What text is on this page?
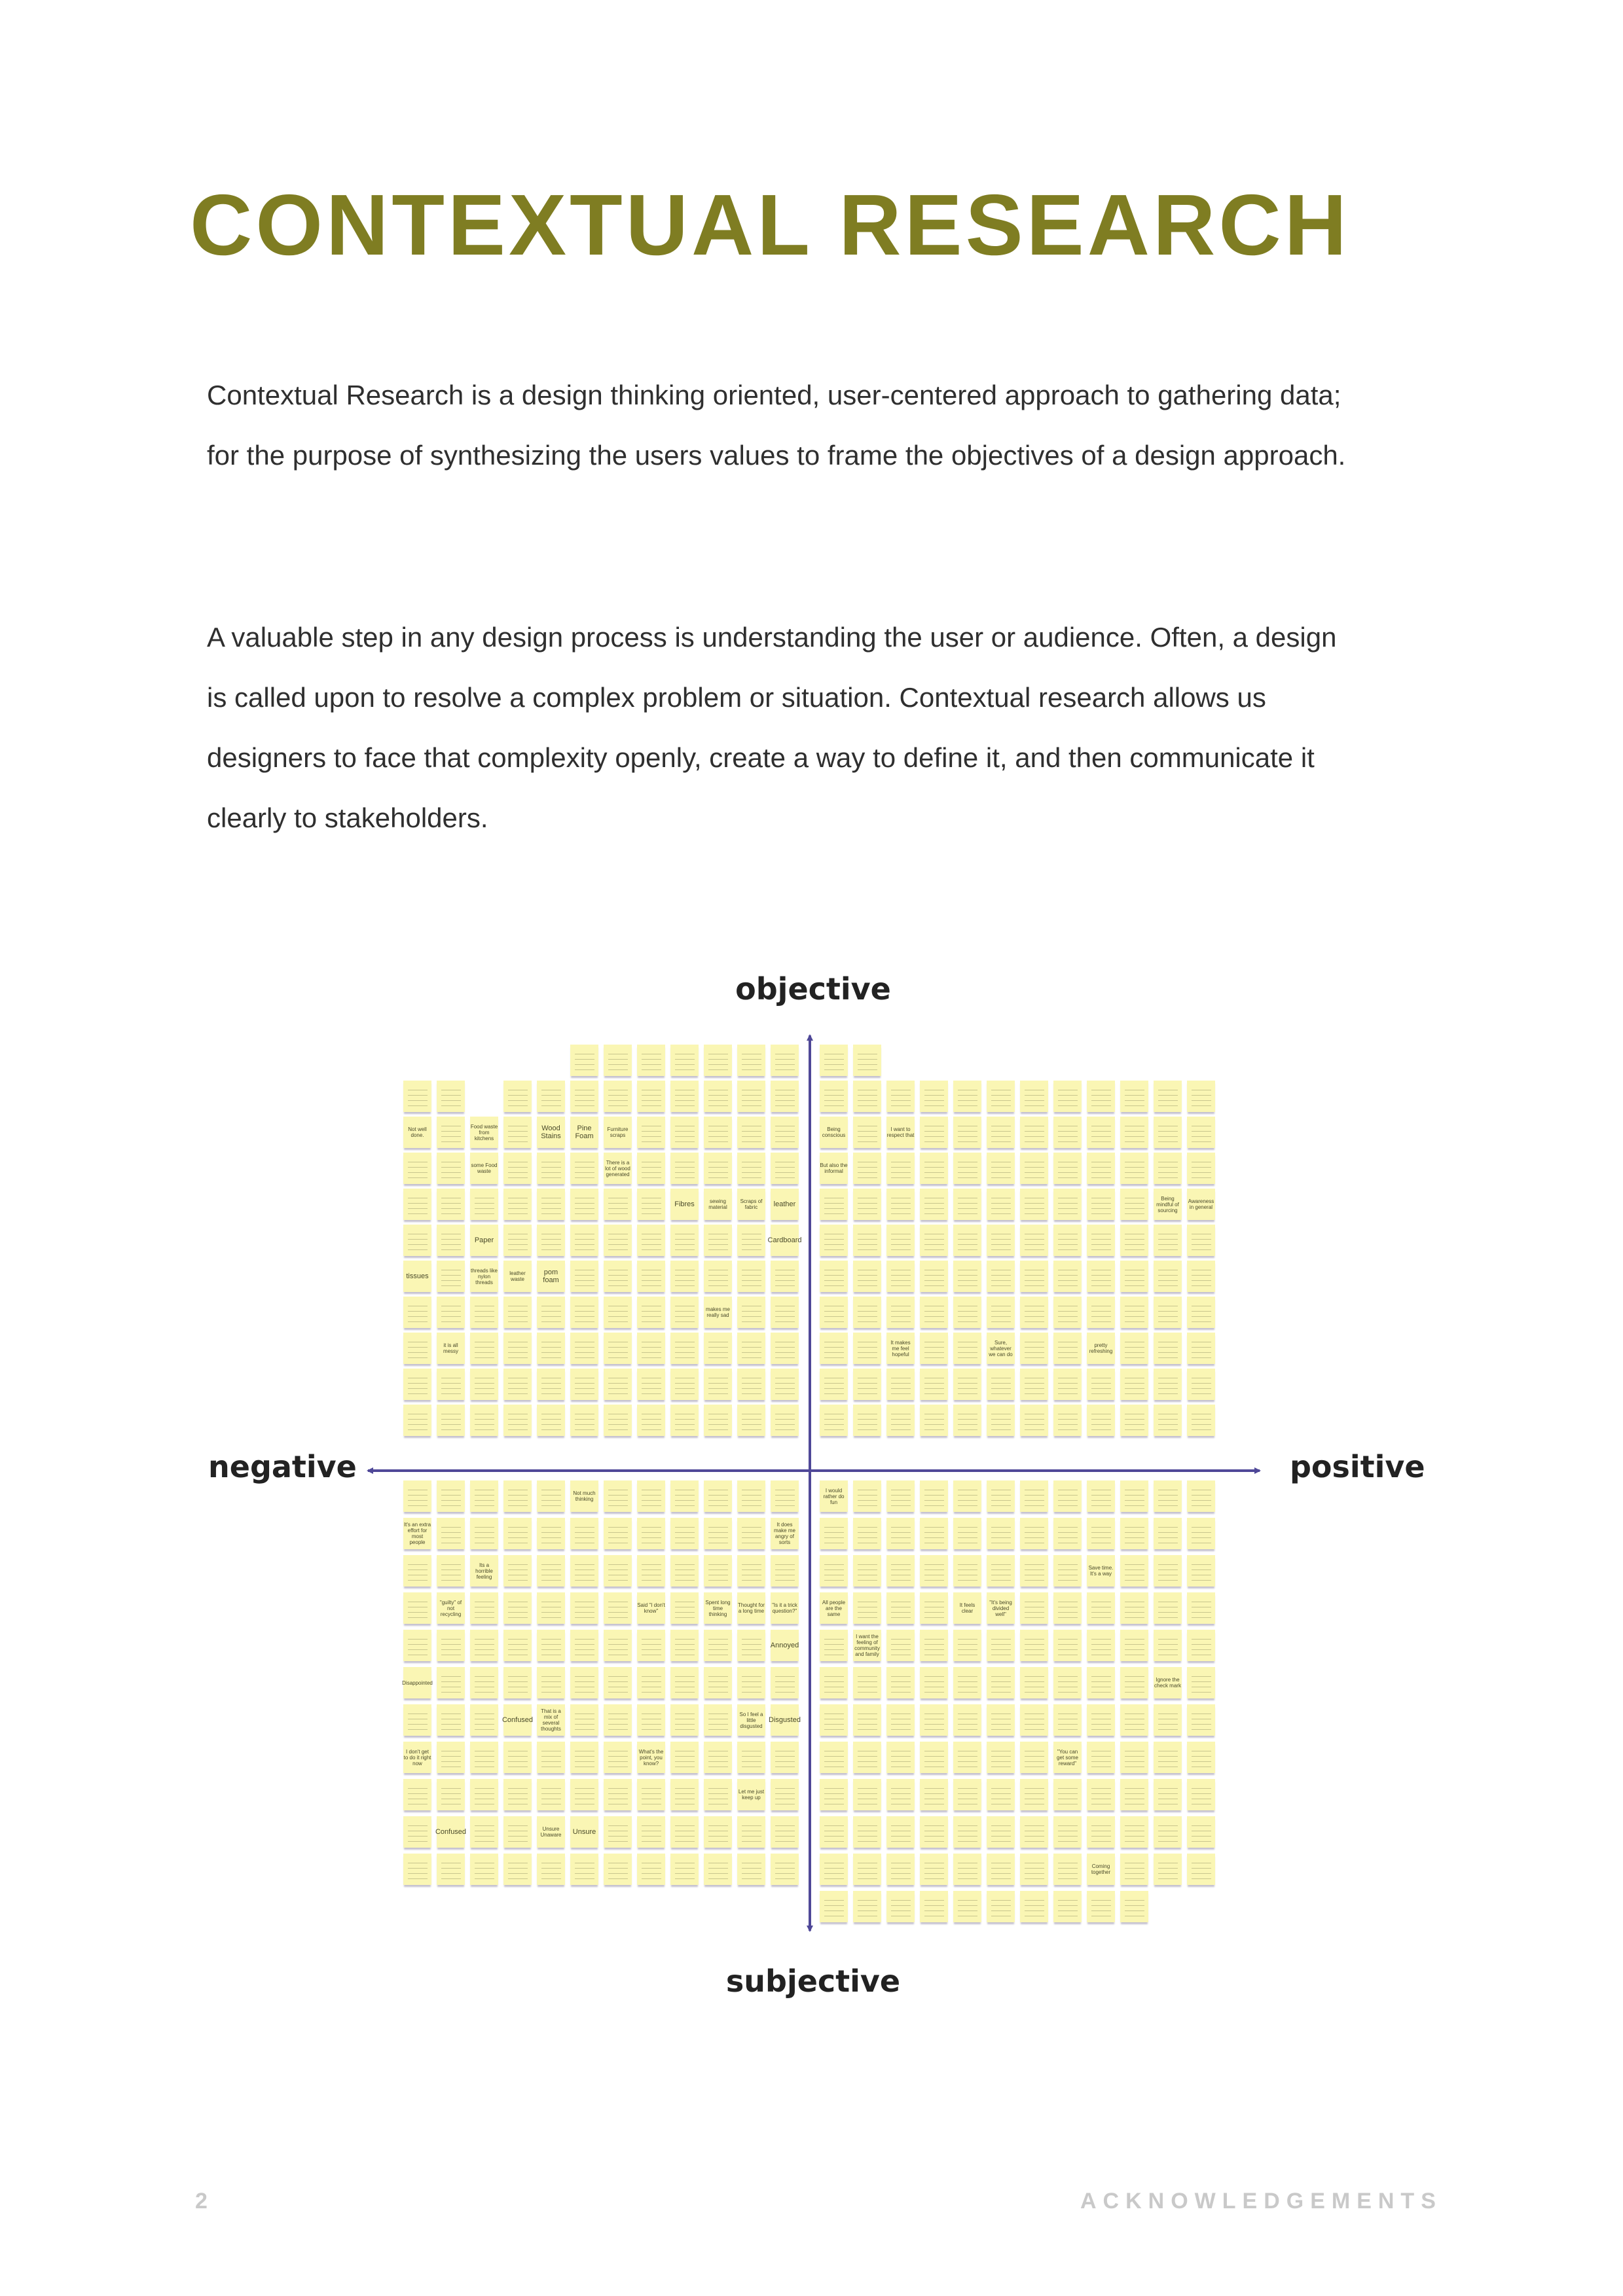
CONTEXTUAL RESEARCH

Contextual Research is a design thinking oriented, user-centered approach to gathering data; for the purpose of synthesizing the users values to frame the objectives of a design approach.

A valuable step in any design process is understanding the user or audience. Often, a design is called upon to resolve a complex problem or situation. Contextual research allows us designers to face that complexity openly, create a way to define it, and then communicate it clearly to stakeholders.

Not well done.
Food waste from kitchens
Wood Stains
Pine Foam
Furniture scraps
some Food waste
There is a lot of wood generated
Fibres	sewing material
Scraps of fabric	leather
Paper	Cardboard
tissues
threads like nylon threads
leather waste
pom foam
makes me really sad
it is all messy
Being conscious
I want to respect that
But also the informal
Being mindful of sourcing
Awareness in general
It makes me feel hopeful
Sure, whatever we can do
pretty refreshing
Not much thinking
It's an extra effort for most people
It does make me angry of sorts
Its a horrible feeling
"guilty" of not recycling
Said "I don't know"
Spent long time thinking
Thought for a long time
"Is it a trick question?"
Annoyed
Disappointed
Confused
That is a mix of several thoughts
So I feel a little disgusted
Disgusted
I don't get to do it right now
What's the point, you know?
Let me just keep up
Confused	Unsure Unaware	Unsure
I would rather do fun
Save time. It's a way
All people are the same
It feels clear
"It's being divided well"
I want the feeling of community and family
Ignore the check mark
"You can get some reward"
Coming together
objective
subjective
negative	positive
2	ACKNOWLEDGEMENTS
